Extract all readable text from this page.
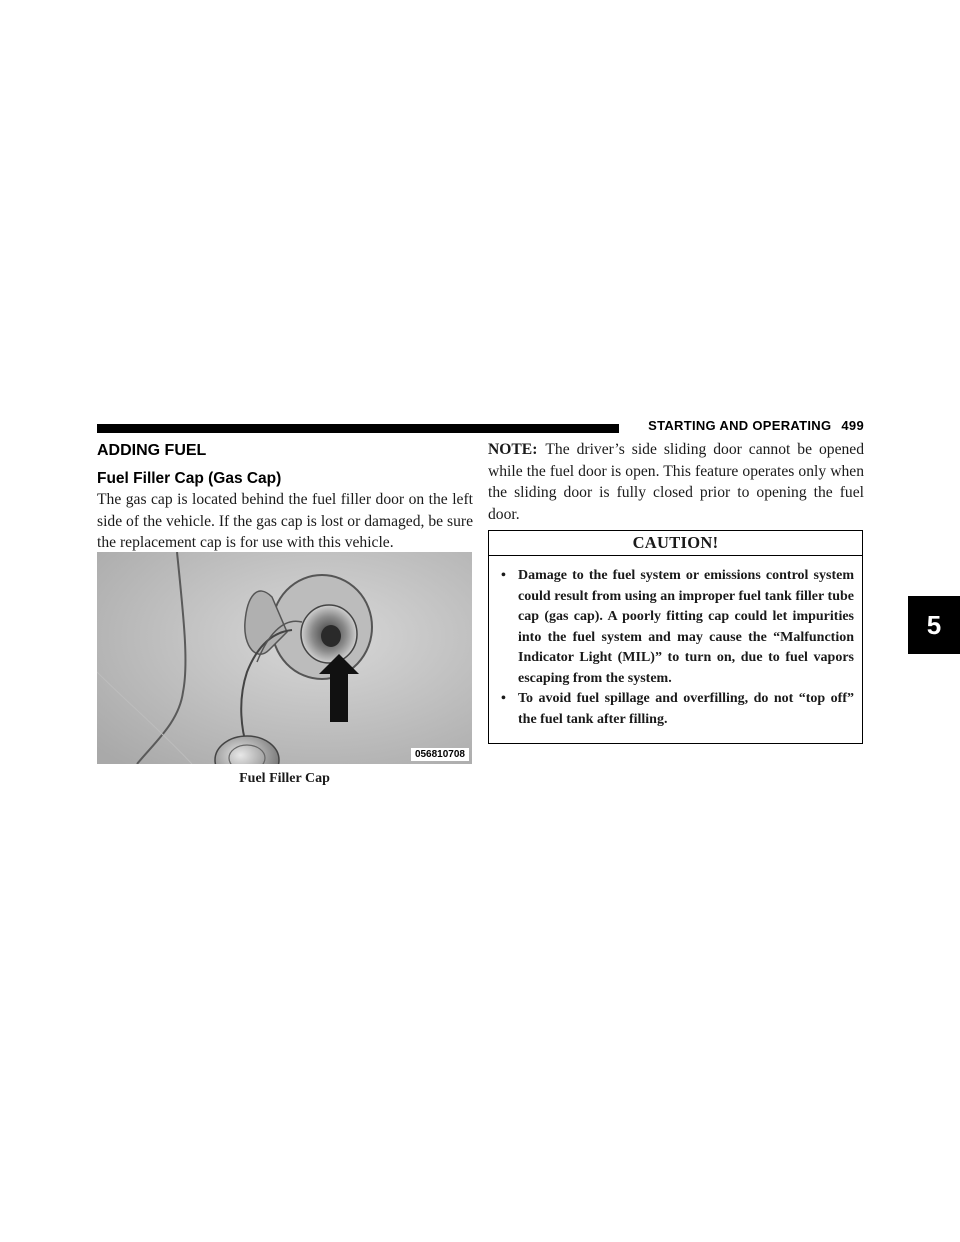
STARTING AND OPERATING 499
5
ADDING FUEL
Fuel Filler Cap (Gas Cap)

The gas cap is located behind the fuel filler door on the left side of the vehicle. If the gas cap is lost or damaged, be sure the replacement cap is for use with this vehicle.

056810708
Fuel Filler Cap

NOTE: The driver’s side sliding door cannot be opened while the fuel door is open. This feature operates only when the sliding door is fully closed prior to opening the fuel door.

CAUTION!
• Damage to the fuel system or emissions control system could result from using an improper fuel tank filler tube cap (gas cap). A poorly fitting cap could let impurities into the fuel system and may cause the “Malfunction Indicator Light (MIL)” to turn on, due to fuel vapors escaping from the system.
• To avoid fuel spillage and overfilling, do not “top off” the fuel tank after filling.
